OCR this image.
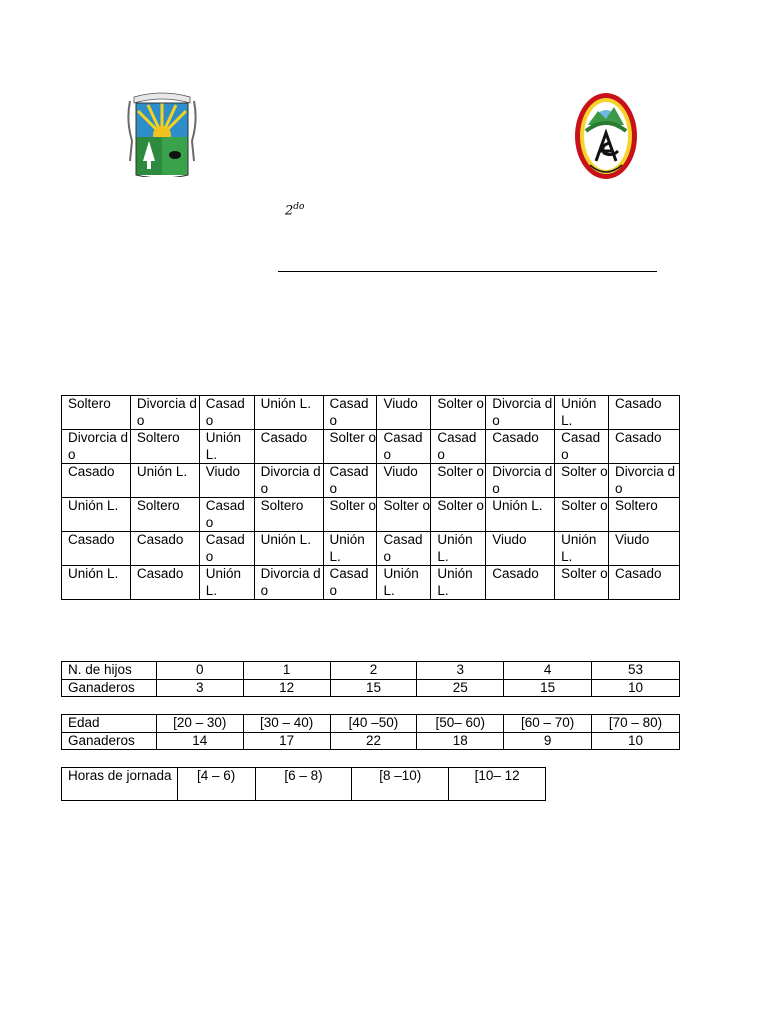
$2^{do}$
Soltero	Divorcia do	Casad o	Unión L.	Casad o	Viudo	Solter o	Divorcia do	Unión L.	Casado
Divorcia do	Soltero	Unión L.	Casado	Solter o	Casad o	Casad o	Casado	Casad o	Casado
Casado	Unión L.	Viudo	Divorcia do	Casad o	Viudo	Solter o	Divorcia do	Solter o	Divorcia do
Unión L.	Soltero	Casad o	Soltero	Solter o	Solter o	Solter o	Unión L.	Solter o	Soltero
Casado	Casado	Casad o	Unión L.	Unión L.	Casad o	Unión L.	Viudo	Unión L.	Viudo
Unión L.	Casado	Unión L.	Divorcia do	Casad o	Unión L.	Unión L.	Casado	Solter o	Casado
N. de hijos	0	1	2	3	4	53
Ganaderos	3	12	15	25	15	10
Edad	[20 – 30)	[30 – 40)	[40 –50)	[50– 60)	[60 – 70)	[70 – 80)
Ganaderos	14	17	22	18	9	10
Horas de jornada	[4 – 6)	[6 – 8)	[8 –10)	[10– 12
